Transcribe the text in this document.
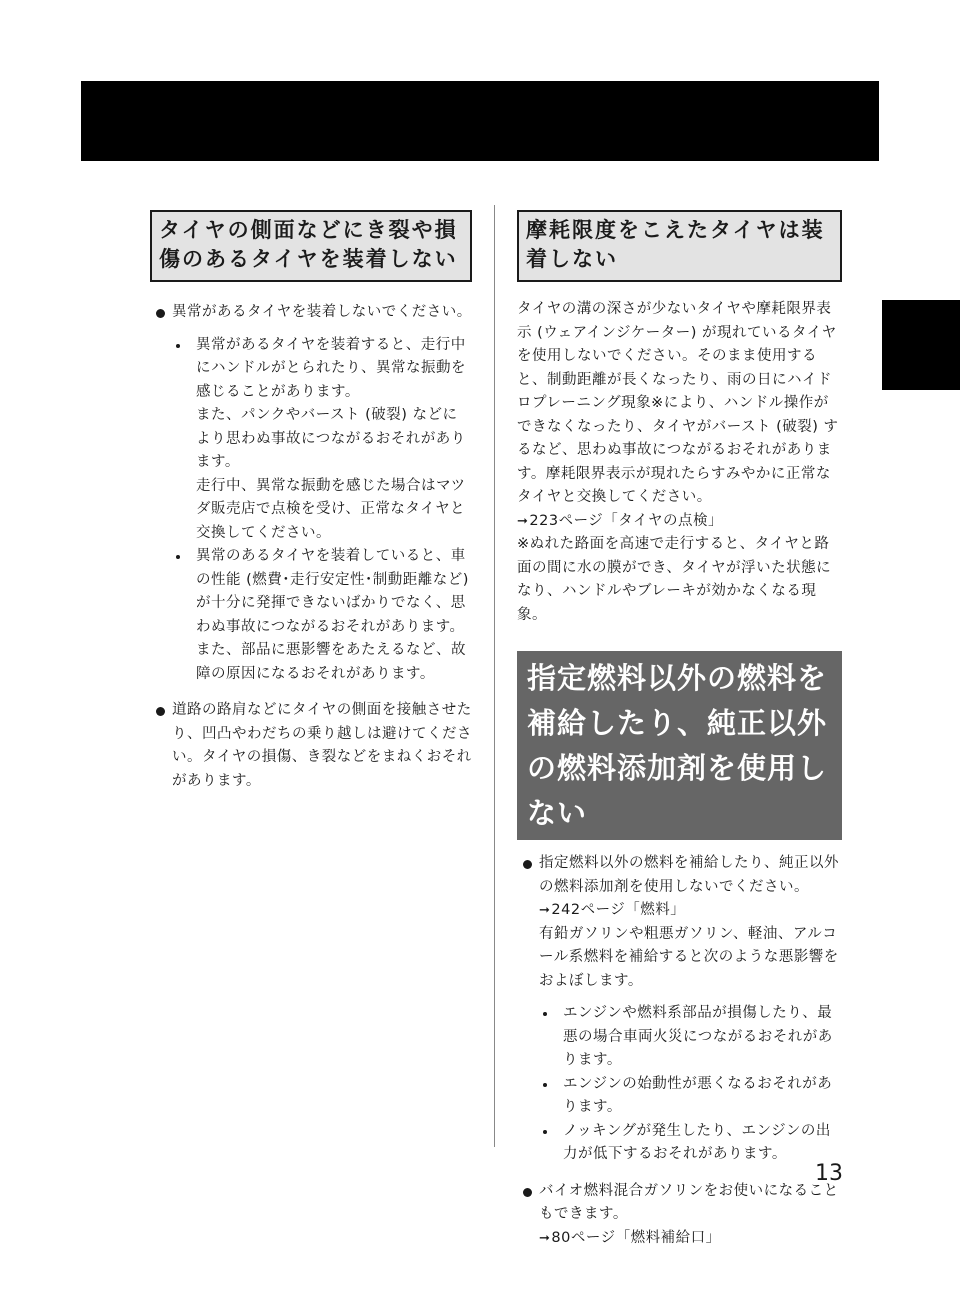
タイヤの側面などにき裂や損傷のあるタイヤを装着しない

異常があるタイヤを装着しないでください。

異常があるタイヤを装着すると、走行中にハンドルがとられたり、異常な振動を感じることがあります。

また、パンクやバースト (破裂) などにより思わぬ事故につながるおそれがあります。

走行中、異常な振動を感じた場合はマツダ販売店で点検を受け、正常なタイヤと交換してください。

異常のあるタイヤを装着していると、車の性能 (燃費･走行安定性･制動距離など) が十分に発揮できないばかりでなく、思わぬ事故につながるおそれがあります。また、部品に悪影響をあたえるなど、故障の原因になるおそれがあります。

道路の路肩などにタイヤの側面を接触させたり、凹凸やわだちの乗り越しは避けてください。タイヤの損傷、き裂などをまねくおそれがあります。

摩耗限度をこえたタイヤは装着しない

タイヤの溝の深さが少ないタイヤや摩耗限界表示 (ウェアインジケーター) が現れているタイヤを使用しないでください。そのまま使用すると、制動距離が長くなったり、雨の日にハイドロプレーニング現象※により、ハンドル操作ができなくなったり、タイヤがバースト (破裂) するなど、思わぬ事故につながるおそれがあります。摩耗限界表示が現れたらすみやかに正常なタイヤと交換してください。

➞223ページ「タイヤの点検」

※ぬれた路面を高速で走行すると、タイヤと路面の間に水の膜ができ、タイヤが浮いた状態になり、ハンドルやブレーキが効かなくなる現象。

指定燃料以外の燃料を補給したり、純正以外の燃料添加剤を使用しない

指定燃料以外の燃料を補給したり、純正以外の燃料添加剤を使用しないでください。

➞242ページ「燃料」

有鉛ガソリンや粗悪ガソリン、軽油、アルコール系燃料を補給すると次のような悪影響をおよぼします。

エンジンや燃料系部品が損傷したり、最悪の場合車両火災につながるおそれがあります。

エンジンの始動性が悪くなるおそれがあります。

ノッキングが発生したり、エンジンの出力が低下するおそれがあります。

バイオ燃料混合ガソリンをお使いになることもできます。

➞80ページ「燃料補給口」

13
